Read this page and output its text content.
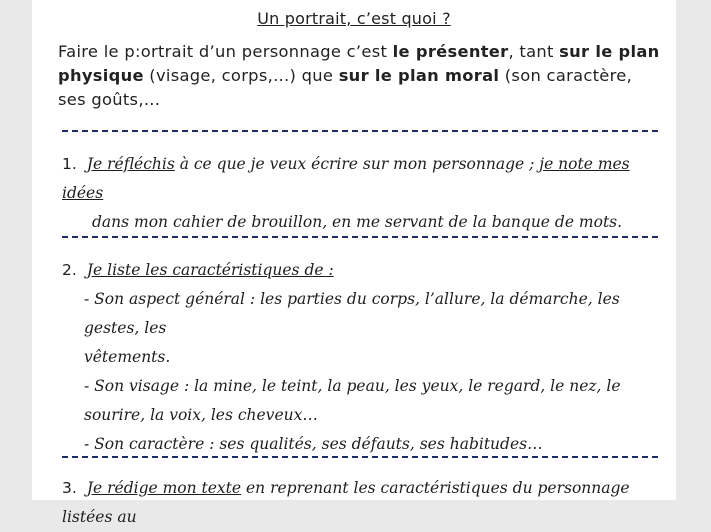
Un portrait, c’est quoi ?
Faire le p:ortrait d’un personnage c’est le présenter, tant sur le plan physique (visage, corps,...) que sur le plan moral (son caractère, ses goûts,...
1. Je réfléchis à ce que je veux écrire sur mon personnage ; je note mes idées
dans mon cahier de brouillon, en me servant de la banque de mots.
2. Je liste les caractéristiques de :
- Son aspect général : les parties du corps, l’allure, la démarche, les gestes, les
vêtements.
- Son visage : la mine, le teint, la peau, les yeux, le regard, le nez, le
sourire, la voix, les cheveux…
- Son caractère : ses qualités, ses défauts, ses habitudes…
3. Je rédige mon texte en reprenant les caractéristiques du personnage listées au
